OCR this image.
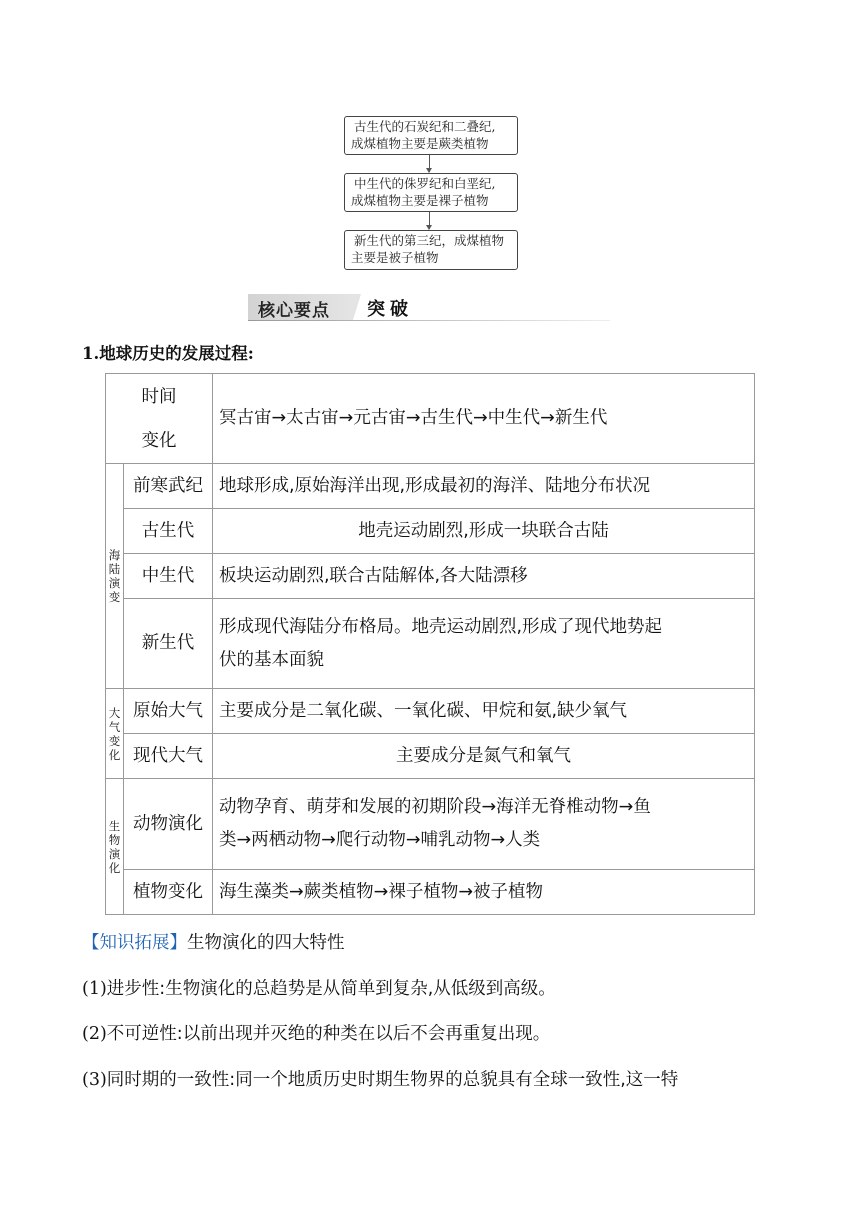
古生代的石炭纪和二叠纪,
成煤植物主要是蕨类植物
中生代的侏罗纪和白垩纪,
成煤植物主要是裸子植物
新生代的第三纪，成煤植物
主要是被子植物
核心要点 突破
1.地球历史的发展过程:
时间
变化		冥古宙→太古宙→元古宙→古生代→中生代→新生代

海
陆
演
变	前寒武纪	地球形成,原始海洋出现,形成最初的海洋、陆地分布状况
	古生代	地壳运动剧烈,形成一块联合古陆
	中生代	板块运动剧烈,联合古陆解体,各大陆漂移
	新生代	形成现代海陆分布格局。地壳运动剧烈,形成了现代地势起
伏的基本面貌

大
气
变
化	原始大气	主要成分是二氧化碳、一氧化碳、甲烷和氨,缺少氧气
	现代大气	主要成分是氮气和氧气

生
物
演
化	动物演化	动物孕育、萌芽和发展的初期阶段→海洋无脊椎动物→鱼
类→两栖动物→爬行动物→哺乳动物→人类

	植物变化	海生藻类→蕨类植物→裸子植物→被子植物
【知识拓展】生物演化的四大特性
(1)进步性:生物演化的总趋势是从简单到复杂,从低级到高级。
(2)不可逆性:以前出现并灭绝的种类在以后不会再重复出现。
(3)同时期的一致性:同一个地质历史时期生物界的总貌具有全球一致性,这一特
